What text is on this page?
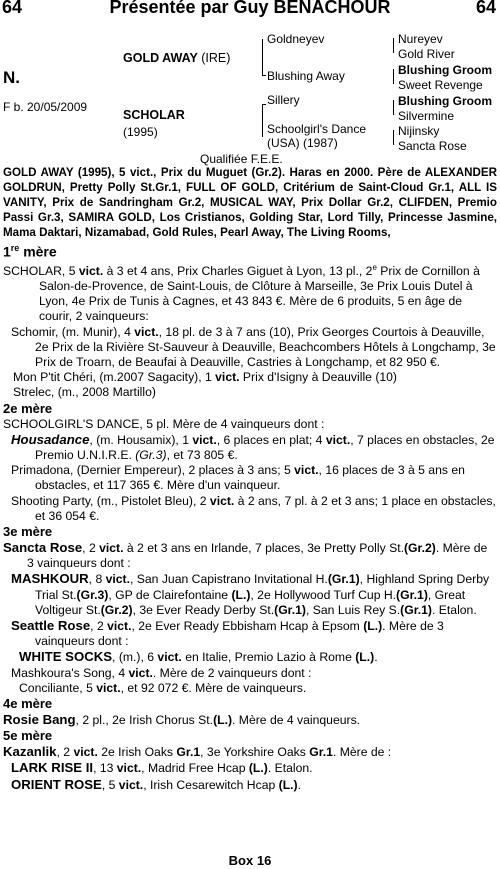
64	Présentée par Guy BENACHOUR	64
N.
F b. 20/05/2009
GOLD AWAY (IRE)
SCHOLAR
(1995)
Goldneyev
Blushing Away
Sillery
Schoolgirl's Dance
(USA) (1987)
Nureyev
Gold River
Blushing Groom
Sweet Revenge
Blushing Groom
Silvermine
Nijinsky
Sancta Rose
Qualifiée F.E.E.

GOLD AWAY (1995), 5 vict., Prix du Muguet (Gr.2). Haras en 2000. Père de ALEXANDER GOLDRUN, Pretty Polly St.Gr.1, FULL OF GOLD, Critérium de Saint-Cloud Gr.1, ALL IS VANITY, Prix de Sandringham Gr.2, MUSICAL WAY, Prix Dollar Gr.2, CLIFDEN, Premio Passi Gr.3, SAMIRA GOLD, Los Cristianos, Golding Star, Lord Tilly, Princesse Jasmine, Mama Daktari, Nizamabad, Gold Rules, Pearl Away, The Living Rooms,

1re mère

SCHOLAR, 5 vict. à 3 et 4 ans, Prix Charles Giguet à Lyon, 13 pl., 2e Prix de Cornillon à Salon-de-Provence, de Saint-Louis, de Clôture à Marseille, 3e Prix Louis Dutel à Lyon, 4e Prix de Tunis à Cagnes, et 43 843 €. Mère de 6 produits, 5 en âge de courir, 2 vainqueurs:

Schomir, (m. Munir), 4 vict., 18 pl. de 3 à 7 ans (10), Prix Georges Courtois à Deauville, 2e Prix de la Rivière St-Sauveur à Deauville, Beachcombers Hôtels à Longchamp, 3e Prix de Troarn, de Beaufai à Deauville, Castries à Longchamp, et 82 950 €.

Mon P'tit Chéri, (m.2007 Sagacity), 1 vict. Prix d'Isigny à Deauville (10)

Strelec, (m., 2008 Martillo)

2e mère

SCHOOLGIRL'S DANCE, 5 pl. Mère de 4 vainqueurs dont :

Housadance, (m. Housamix), 1 vict., 6 places en plat; 4 vict., 7 places en obstacles, 2e Premio U.N.I.R.E. (Gr.3), et 73 805 €.

Primadona, (Dernier Empereur), 2 places à 3 ans; 5 vict., 16 places de 3 à 5 ans en obstacles, et 117 365 €. Mère d'un vainqueur.

Shooting Party, (m., Pistolet Bleu), 2 vict. à 2 ans, 7 pl. à 2 et 3 ans; 1 place en obstacles, et 36 054 €.

3e mère

Sancta Rose, 2 vict. à 2 et 3 ans en Irlande, 7 places, 3e Pretty Polly St.(Gr.2). Mère de 3 vainqueurs dont :

MASHKOUR, 8 vict., San Juan Capistrano Invitational H.(Gr.1), Highland Spring Derby Trial St.(Gr.3), GP de Clairefontaine (L.), 2e Hollywood Turf Cup H.(Gr.1), Great Voltigeur St.(Gr.2), 3e Ever Ready Derby St.(Gr.1), San Luis Rey S.(Gr.1). Etalon.

Seattle Rose, 2 vict., 2e Ever Ready Ebbisham Hcap à Epsom (L.). Mère de 3 vainqueurs dont :

WHITE SOCKS, (m.), 6 vict. en Italie, Premio Lazio à Rome (L.).

Mashkoura's Song, 4 vict.. Mère de 2 vainqueurs dont :

Conciliante, 5 vict., et 92 072 €. Mère de vainqueurs.

4e mère

Rosie Bang, 2 pl., 2e Irish Chorus St.(L.). Mère de 4 vainqueurs.

5e mère

Kazanlik, 2 vict. 2e Irish Oaks Gr.1, 3e Yorkshire Oaks Gr.1. Mère de :

LARK RISE II, 13 vict., Madrid Free Hcap (L.). Etalon.

ORIENT ROSE, 5 vict., Irish Cesarewitch Hcap (L.).

Box 16
